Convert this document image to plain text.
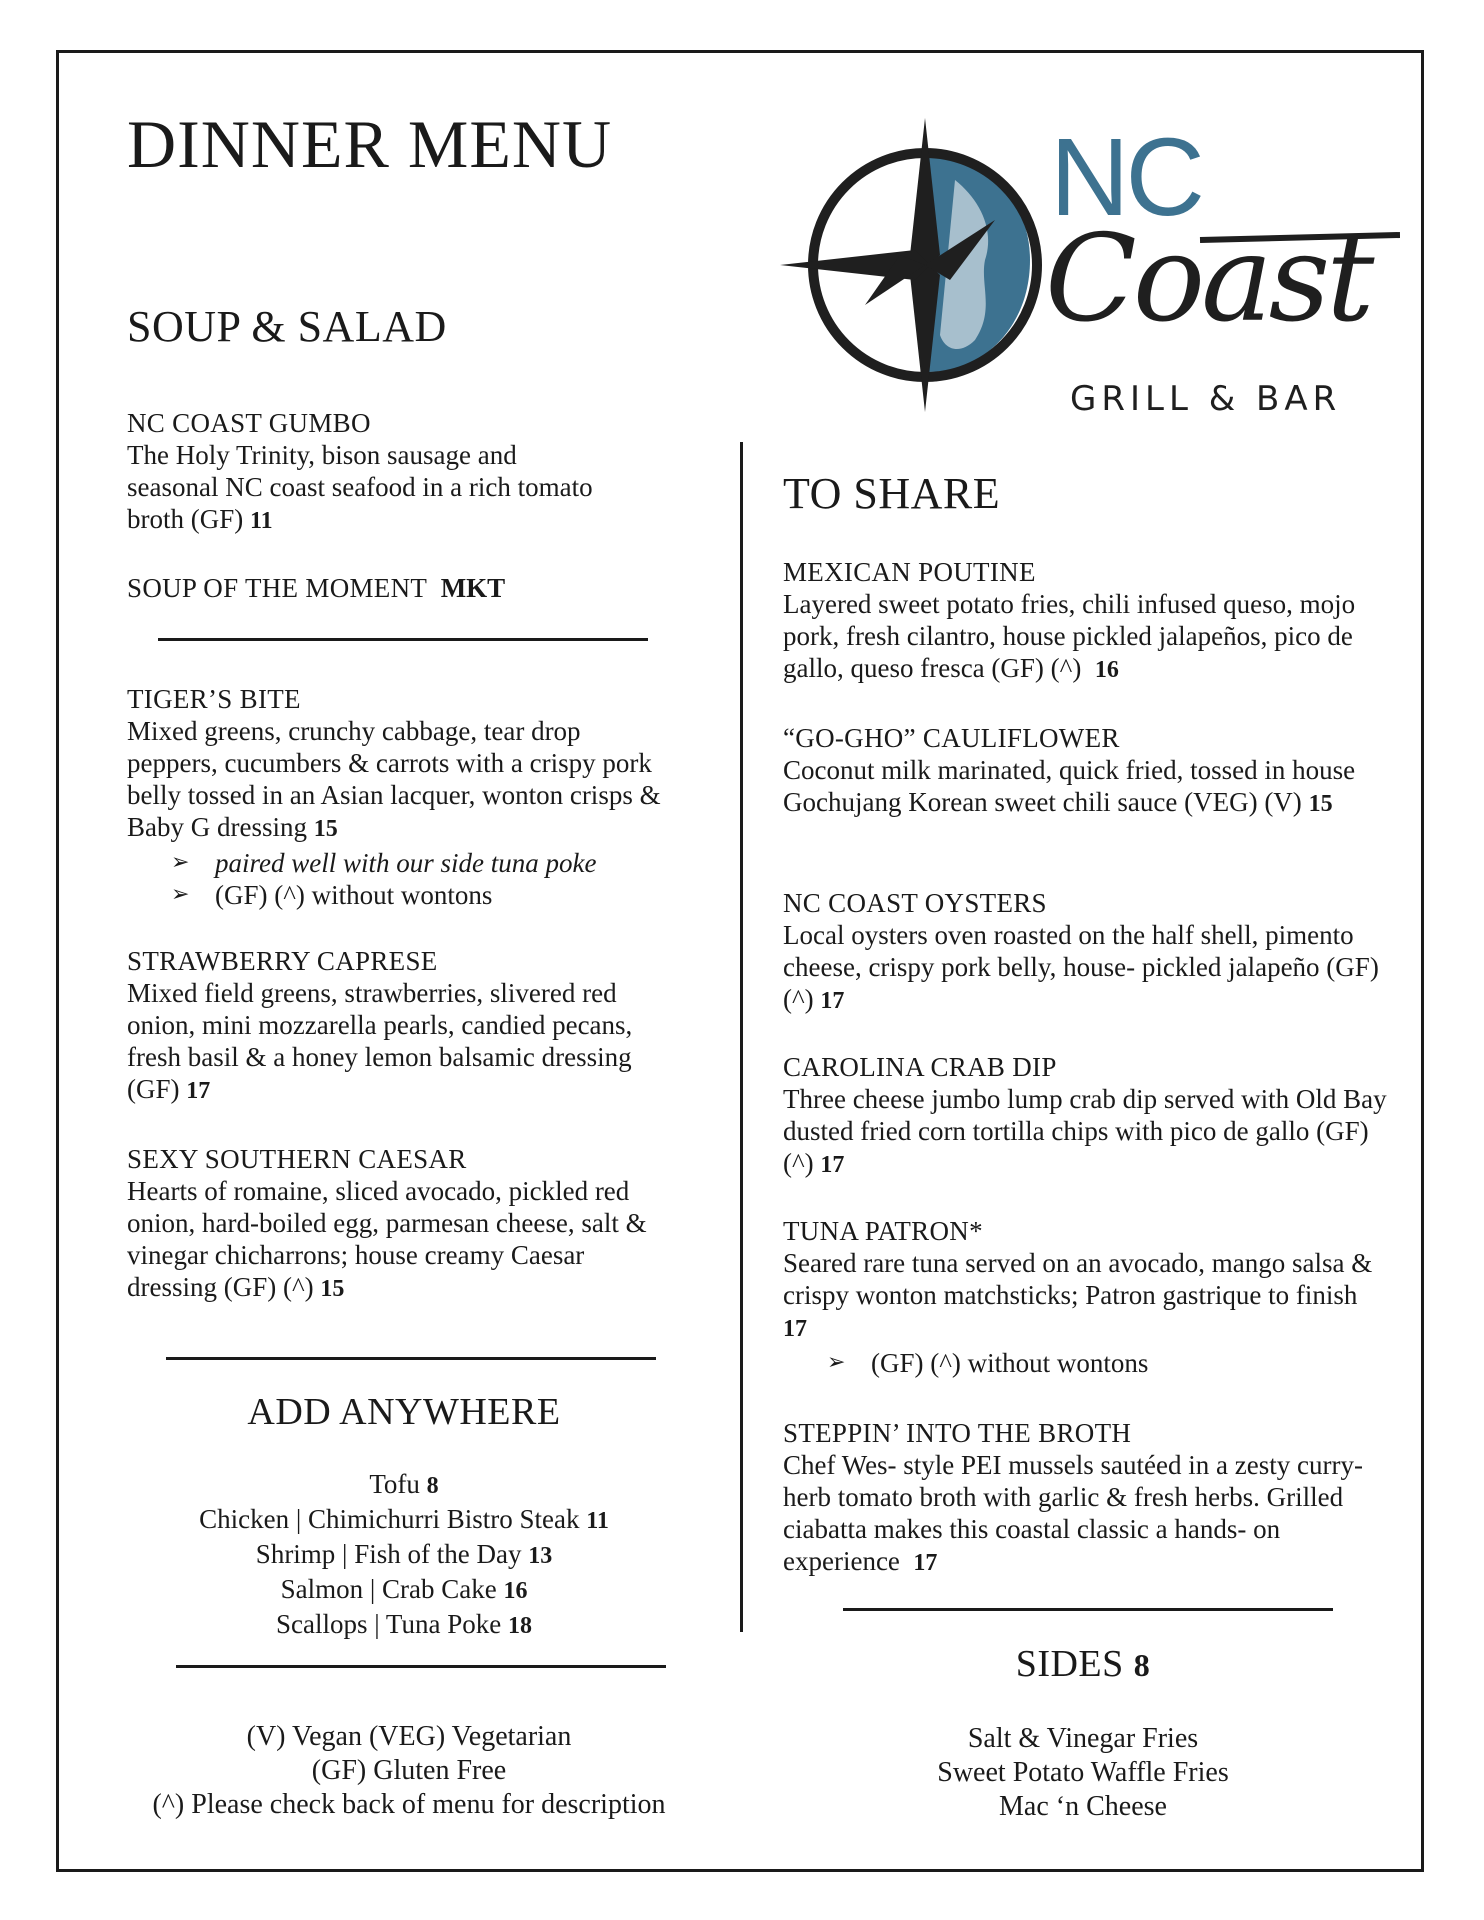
DINNER MENU	NC
Coast
GRILL & BAR
SOUP & SALAD
NC COAST GUMBO
The Holy Trinity, bison sausage and seasonal NC coast seafood in a rich tomato broth (GF) 11
SOUP OF THE MOMENT MKT
TIGER’S BITE
Mixed greens, crunchy cabbage, tear drop peppers, cucumbers & carrots with a crispy pork belly tossed in an Asian lacquer, wonton crisps & Baby G dressing 15
➢ paired well with our side tuna poke
➢ (GF) (^) without wontons
STRAWBERRY CAPRESE
Mixed field greens, strawberries, slivered red onion, mini mozzarella pearls, candied pecans, fresh basil & a honey lemon balsamic dressing (GF) 17
SEXY SOUTHERN CAESAR
Hearts of romaine, sliced avocado, pickled red onion, hard-boiled egg, parmesan cheese, salt & vinegar chicharrons; house creamy Caesar dressing (GF) (^) 15
ADD ANYWHERE
Tofu 8
Chicken | Chimichurri Bistro Steak 11
Shrimp | Fish of the Day 13
Salmon | Crab Cake 16
Scallops | Tuna Poke 18
(V) Vegan (VEG) Vegetarian
(GF) Gluten Free
(^) Please check back of menu for description
TO SHARE
MEXICAN POUTINE
Layered sweet potato fries, chili infused queso, mojo pork, fresh cilantro, house pickled jalapeños, pico de gallo, queso fresca (GF) (^) 16
“GO-GHO” CAULIFLOWER
Coconut milk marinated, quick fried, tossed in house Gochujang Korean sweet chili sauce (VEG) (V) 15
NC COAST OYSTERS
Local oysters oven roasted on the half shell, pimento cheese, crispy pork belly, house- pickled jalapeño (GF) (^) 17
CAROLINA CRAB DIP
Three cheese jumbo lump crab dip served with Old Bay dusted fried corn tortilla chips with pico de gallo (GF) (^) 17
TUNA PATRON*
Seared rare tuna served on an avocado, mango salsa & crispy wonton matchsticks; Patron gastrique to finish 17
➢ (GF) (^) without wontons
STEPPIN’ INTO THE BROTH
Chef Wes- style PEI mussels sautéed in a zesty curry- herb tomato broth with garlic & fresh herbs. Grilled ciabatta makes this coastal classic a hands- on experience 17
SIDES 8
Salt & Vinegar Fries
Sweet Potato Waffle Fries
Mac ‘n Cheese
